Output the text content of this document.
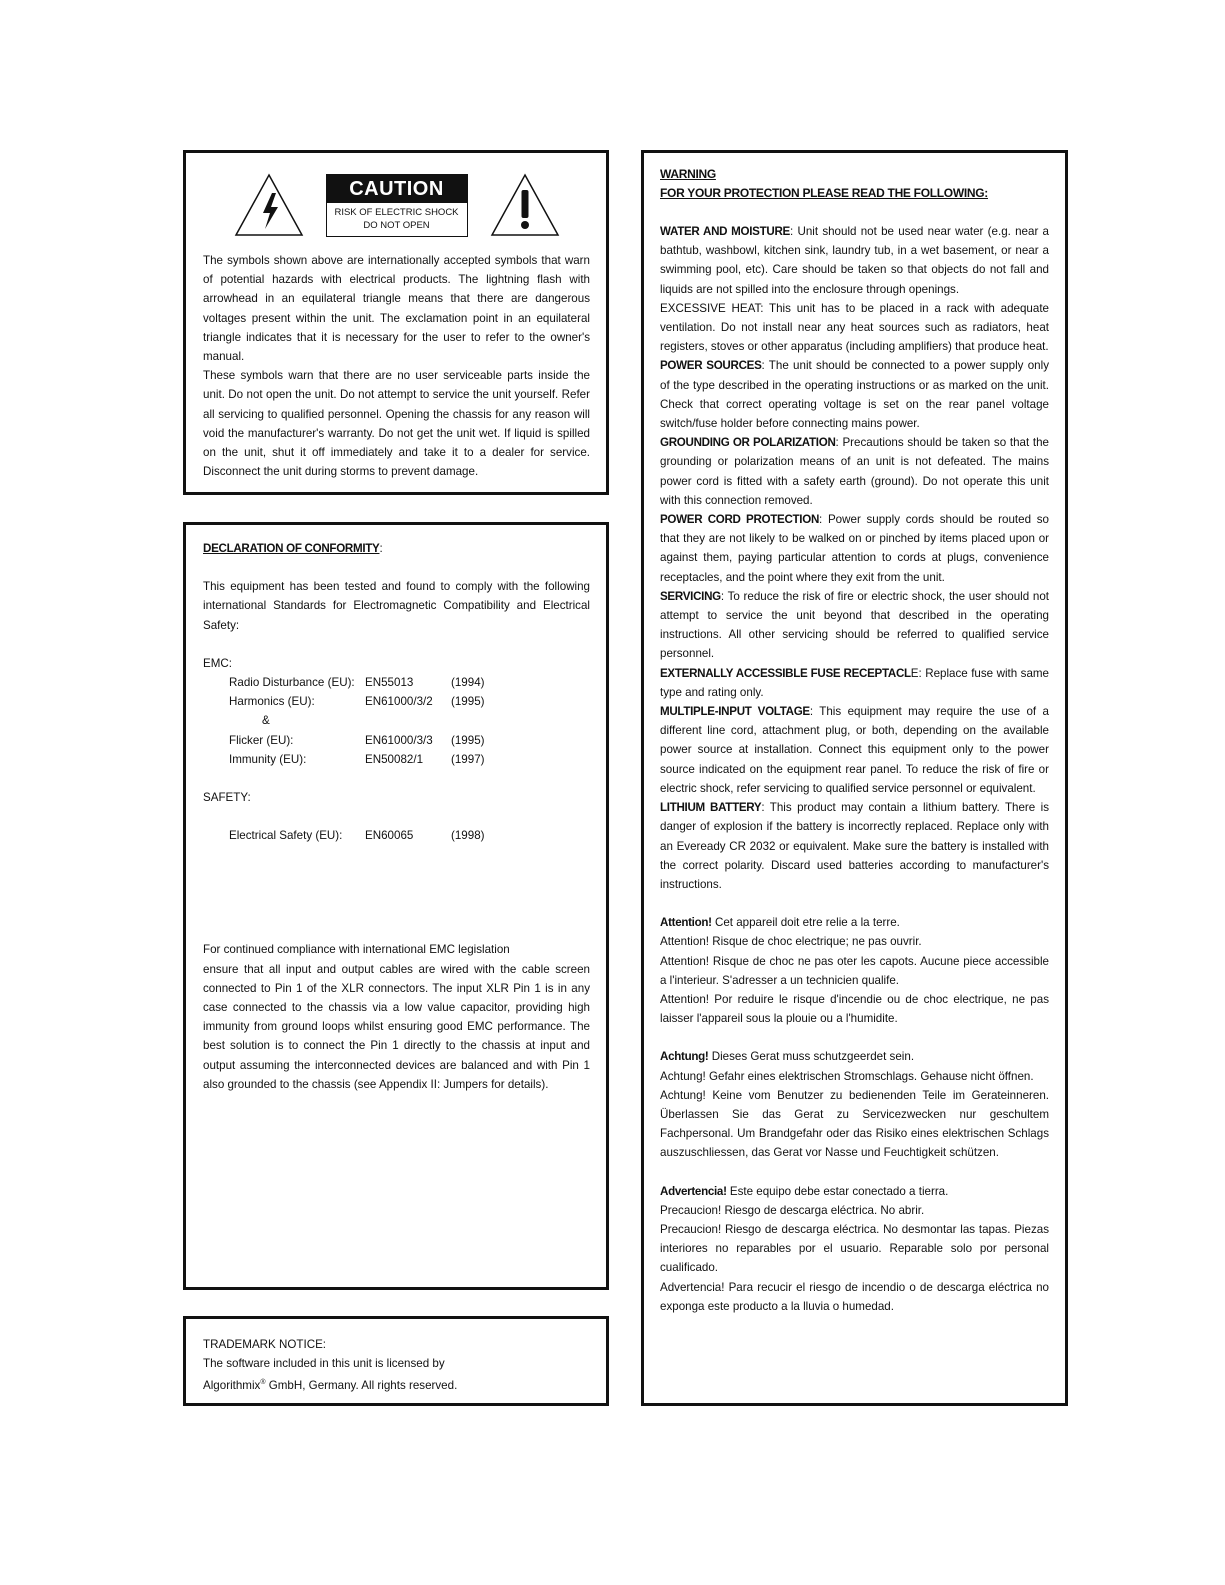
CAUTION
RISK OF ELECTRIC SHOCK
DO NOT OPEN

The symbols shown above are internationally accepted symbols that warn of potential hazards with electrical products. The lightning flash with arrowhead in an equilateral triangle means that there are dangerous voltages present within the unit. The exclamation point in an equilateral triangle indicates that it is necessary for the user to refer to the owner's manual.

These symbols warn that there are no user serviceable parts inside the unit. Do not open the unit. Do not attempt to service the unit yourself. Refer all servicing to qualified personnel. Opening the chassis for any reason will void the manufacturer's warranty. Do not get the unit wet. If liquid is spilled on the unit, shut it off immediately and take it to a dealer for service. Disconnect the unit during storms to prevent damage.

DECLARATION OF CONFORMITY:

This equipment has been tested and found to comply with the following international Standards for Electromagnetic Compatibility and Electrical Safety:

EMC:

Radio Disturbance (EU): EN55013	(1994)
Harmonics (EU):	EN61000/3/2	(1995)
&
Flicker (EU):	EN61000/3/3	(1995)
Immunity (EU):	EN50082/1	(1997)

SAFETY:

Electrical Safety (EU):	EN60065	(1998)

For continued compliance with international EMC legislation

ensure that all input and output cables are wired with the cable screen connected to Pin 1 of the XLR connectors. The input XLR Pin 1 is in any case connected to the chassis via a low value capacitor, providing high immunity from ground loops whilst ensuring good EMC performance. The best solution is to connect the Pin 1 directly to the chassis at input and output assuming the interconnected devices are balanced and with Pin 1 also grounded to the chassis (see Appendix II: Jumpers for details).

TRADEMARK NOTICE:

The software included in this unit is licensed by

Algorithmix® GmbH, Germany. All rights reserved.

WARNING

FOR YOUR PROTECTION PLEASE READ THE FOLLOWING:

WATER AND MOISTURE: Unit should not be used near water (e.g. near a bathtub, washbowl, kitchen sink, laundry tub, in a wet basement, or near a swimming pool, etc). Care should be taken so that objects do not fall and liquids are not spilled into the enclosure through openings.

EXCESSIVE HEAT: This unit has to be placed in a rack with adequate ventilation. Do not install near any heat sources such as radiators, heat registers, stoves or other apparatus (including amplifiers) that produce heat.

POWER SOURCES: The unit should be connected to a power supply only of the type described in the operating instructions or as marked on the unit. Check that correct operating voltage is set on the rear panel voltage switch/fuse holder before connecting mains power.

GROUNDING OR POLARIZATION: Precautions should be taken so that the grounding or polarization means of an unit is not defeated. The mains power cord is fitted with a safety earth (ground). Do not operate this unit with this connection removed.

POWER CORD PROTECTION: Power supply cords should be routed so that they are not likely to be walked on or pinched by items placed upon or against them, paying particular attention to cords at plugs, convenience receptacles, and the point where they exit from the unit.

SERVICING: To reduce the risk of fire or electric shock, the user should not attempt to service the unit beyond that described in the operating instructions. All other servicing should be referred to qualified service personnel.

EXTERNALLY ACCESSIBLE FUSE RECEPTACLE: Replace fuse with same type and rating only.

MULTIPLE-INPUT VOLTAGE: This equipment may require the use of a different line cord, attachment plug, or both, depending on the available power source at installation. Connect this equipment only to the power source indicated on the equipment rear panel. To reduce the risk of fire or electric shock, refer servicing to qualified service personnel or equivalent.

LITHIUM BATTERY: This product may contain a lithium battery. There is danger of explosion if the battery is incorrectly replaced. Replace only with an Eveready CR 2032 or equivalent. Make sure the battery is installed with the correct polarity. Discard used batteries according to manufacturer's instructions.

Attention! Cet appareil doit etre relie a la terre.

Attention! Risque de choc electrique; ne pas ouvrir.

Attention! Risque de choc ne pas oter les capots. Aucune piece accessible a l'interieur. S'adresser a un technicien qualife.

Attention! Por reduire le risque d'incendie ou de choc electrique, ne pas laisser l'appareil sous la plouie ou a l'humidite.

Achtung! Dieses Gerat muss schutzgeerdet sein.

Achtung! Gefahr eines elektrischen Stromschlags. Gehause nicht öffnen.

Achtung! Keine vom Benutzer zu bedienenden Teile im Gerateinneren. Überlassen Sie das Gerat zu Servicezwecken nur geschultem Fachpersonal. Um Brandgefahr oder das Risiko eines elektrischen Schlags auszuschliessen, das Gerat vor Nasse und Feuchtigkeit schützen.

Advertencia! Este equipo debe estar conectado a tierra.

Precaucion! Riesgo de descarga eléctrica. No abrir.

Precaucion! Riesgo de descarga eléctrica. No desmontar las tapas. Piezas interiores no reparables por el usuario. Reparable solo por personal cualificado.

Advertencia! Para recucir el riesgo de incendio o de descarga eléctrica no exponga este producto a la lluvia o humedad.
